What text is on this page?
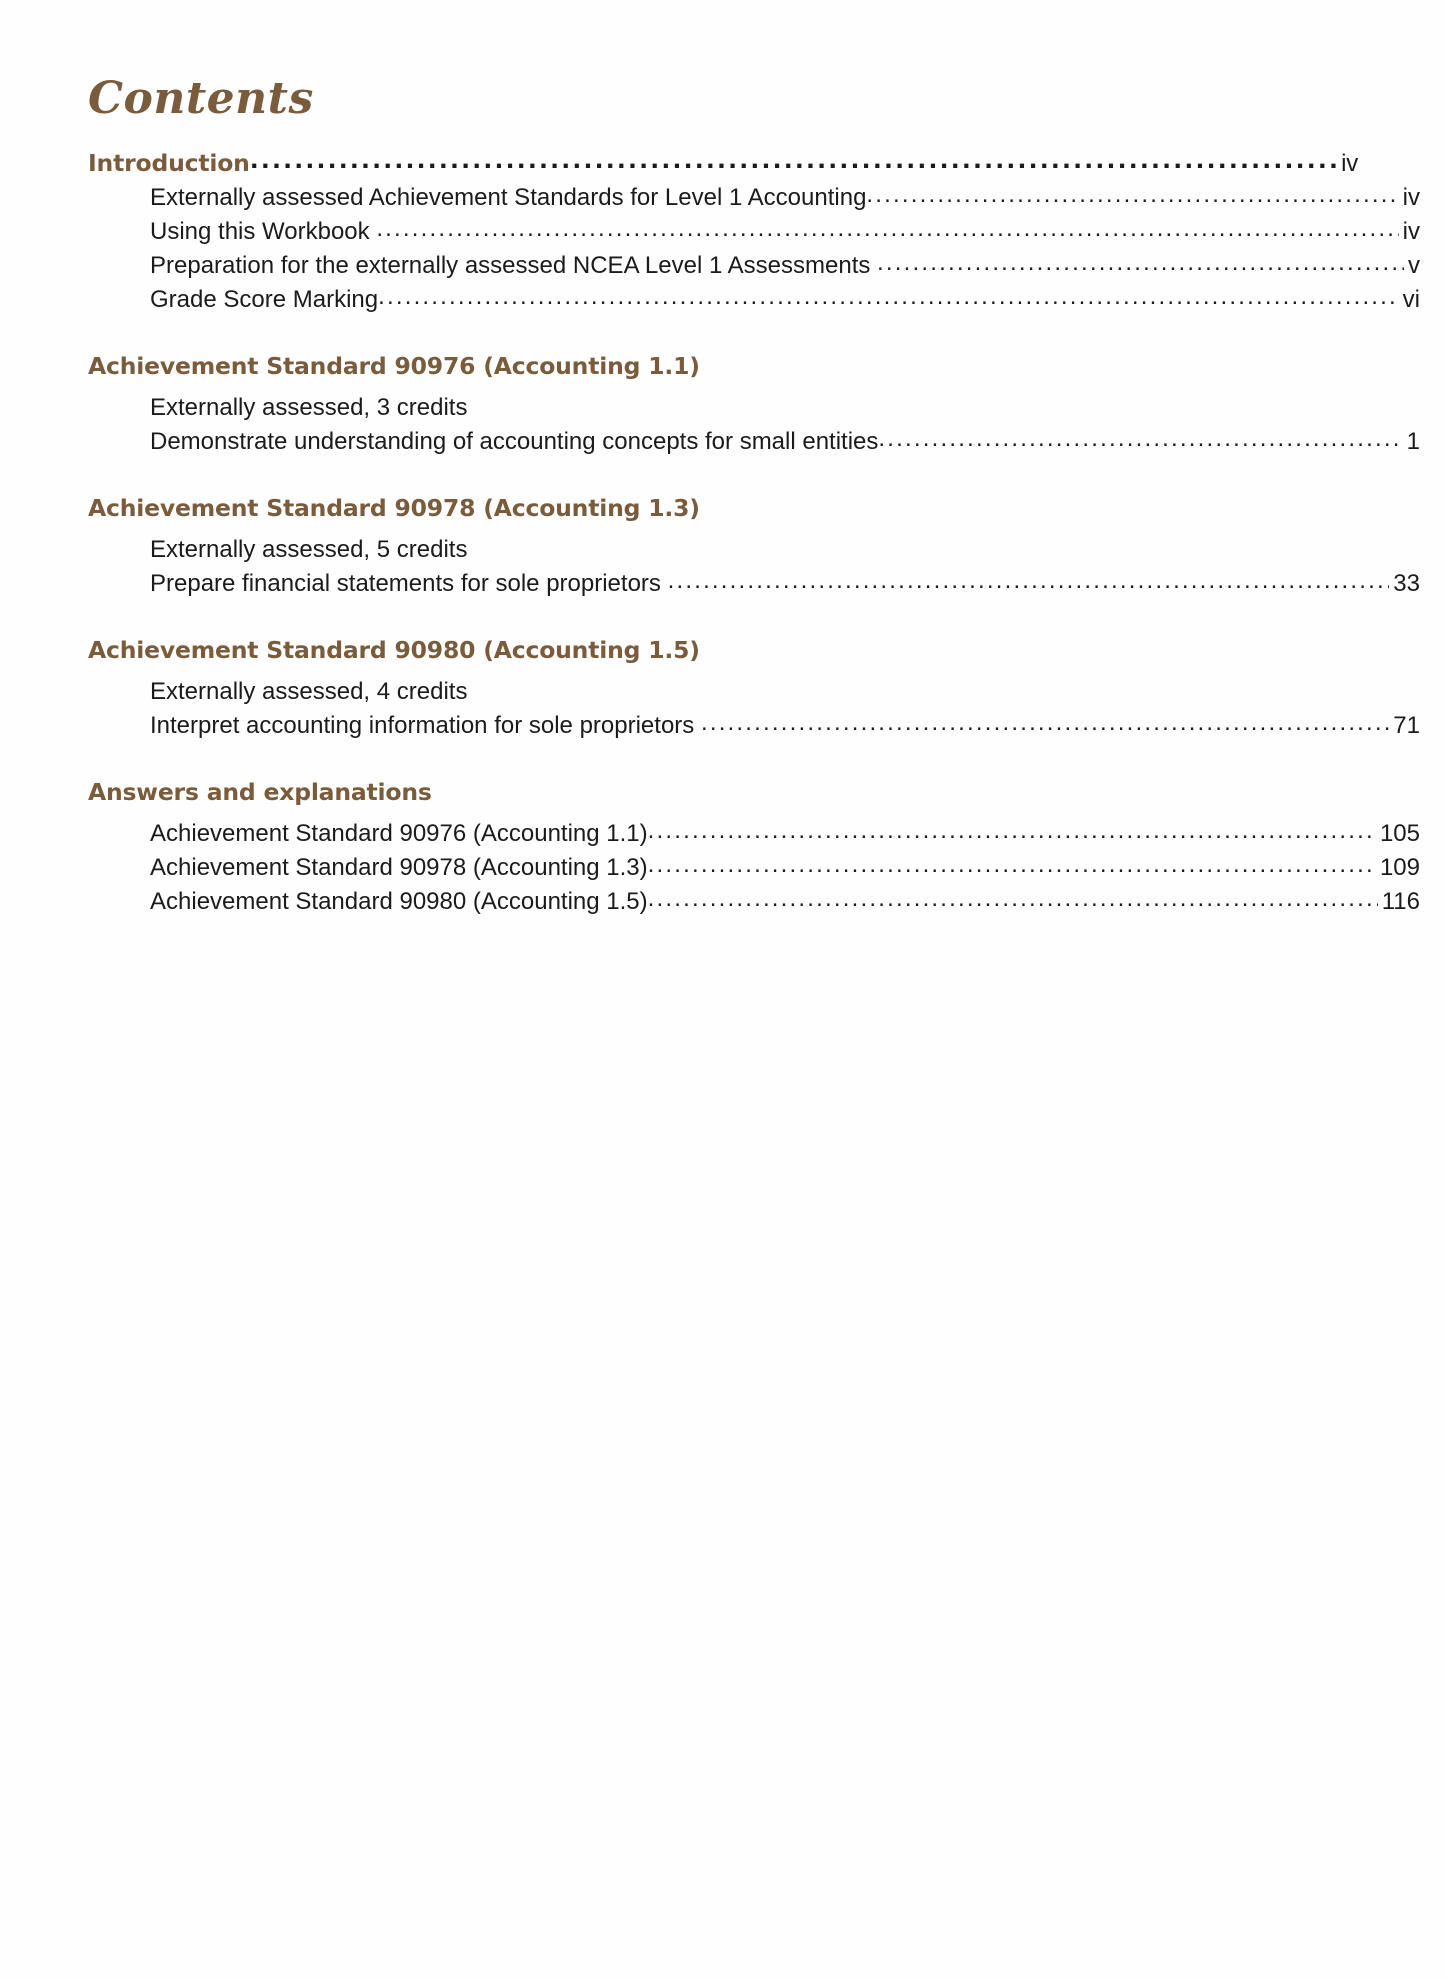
Contents
Introduction .....	iv
Externally assessed Achievement Standards for Level 1 Accounting .....	iv
Using this Workbook .....	iv
Preparation for the externally assessed NCEA Level 1 Assessments .....	v
Grade Score Marking .....	vi
Achievement Standard 90976 (Accounting 1.1)
Externally assessed, 3 credits
Demonstrate understanding of accounting concepts for small entities .....	1
Achievement Standard 90978 (Accounting 1.3)
Externally assessed, 5 credits
Prepare financial statements for sole proprietors .....	33
Achievement Standard 90980 (Accounting 1.5)
Externally assessed, 4 credits
Interpret accounting information for sole proprietors .....	71
Answers and explanations
Achievement Standard 90976 (Accounting 1.1) .....	105
Achievement Standard 90978 (Accounting 1.3) .....	109
Achievement Standard 90980 (Accounting 1.5) .....	116
